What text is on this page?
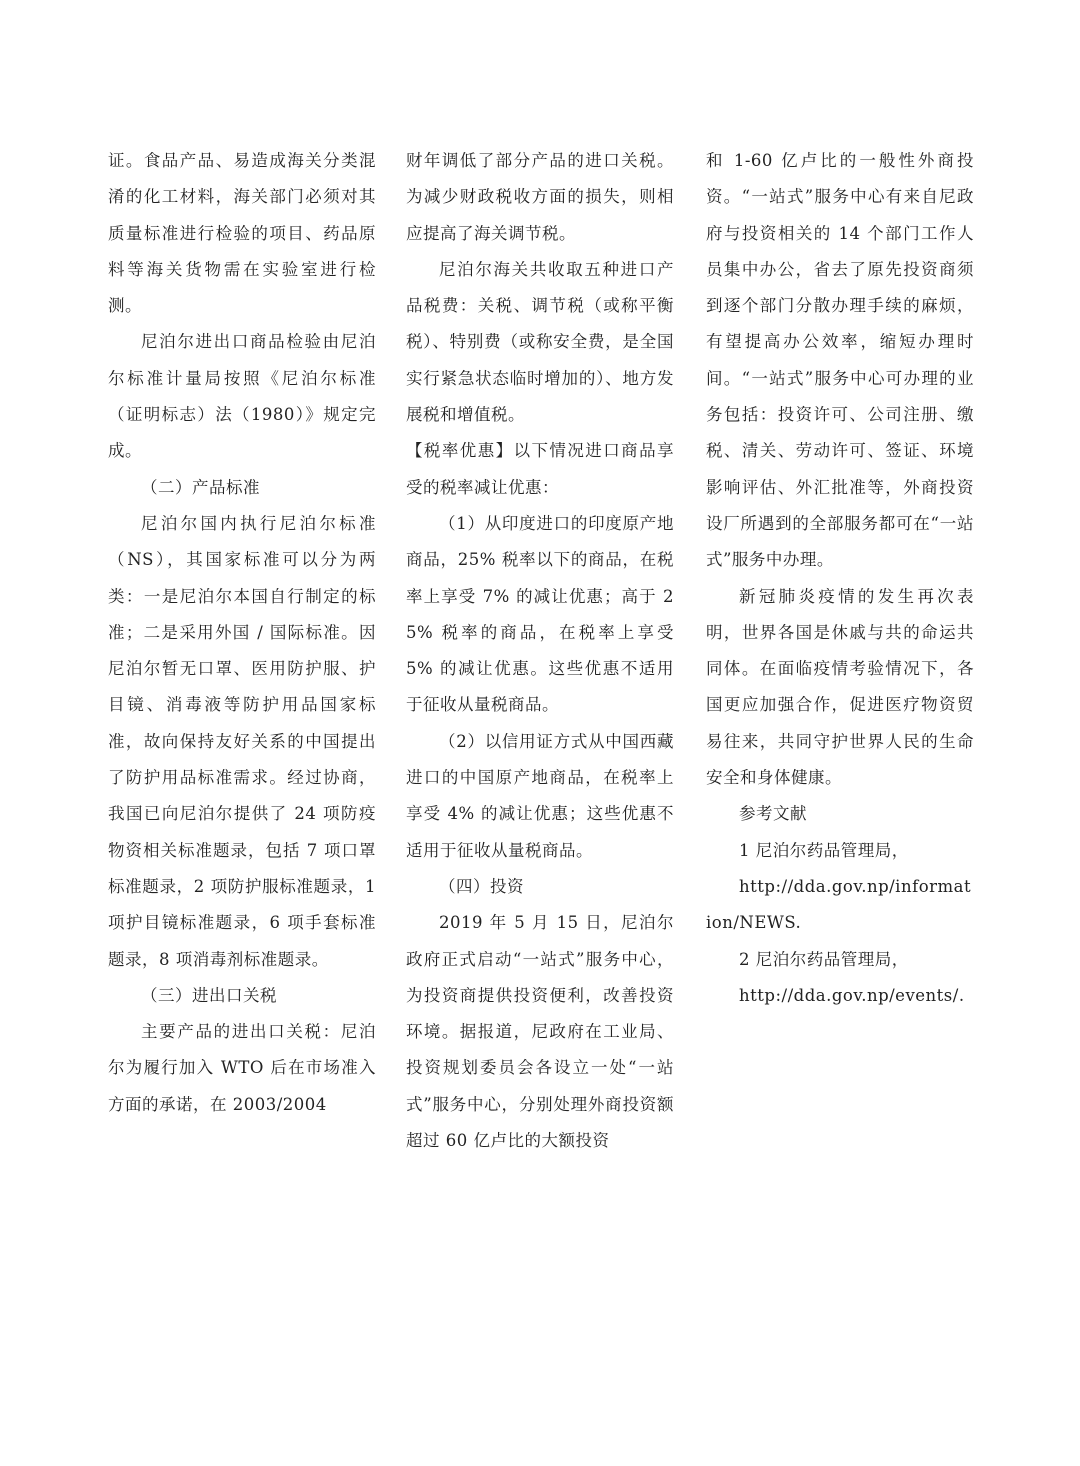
证。食品产品、易造成海关分类混淆的化工材料，海关部门必须对其质量标准进行检验的项目、药品原料等海关货物需在实验室进行检测。

尼泊尔进出口商品检验由尼泊尔标准计量局按照《尼泊尔标准（证明标志）法（1980）》规定完成。

（二）产品标准

尼泊尔国内执行尼泊尔标准（NS），其国家标准可以分为两类：一是尼泊尔本国自行制定的标准；二是采用外国 / 国际标准。因尼泊尔暂无口罩、医用防护服、护目镜、消毒液等防护用品国家标准，故向保持友好关系的中国提出了防护用品标准需求。经过协商，我国已向尼泊尔提供了 24 项防疫物资相关标准题录，包括 7 项口罩标准题录，2 项防护服标准题录，1 项护目镜标准题录，6 项手套标准题录，8 项消毒剂标准题录。

（三）进出口关税

主要产品的进出口关税：尼泊尔为履行加入 WTO 后在市场准入方面的承诺，在 2003/2004

财年调低了部分产品的进口关税。为减少财政税收方面的损失，则相应提高了海关调节税。

尼泊尔海关共收取五种进口产品税费：关税、调节税（或称平衡税）、特别费（或称安全费，是全国实行紧急状态临时增加的）、地方发展税和增值税。

【税率优惠】以下情况进口商品享受的税率减让优惠：

（1）从印度进口的印度原产地商品，25% 税率以下的商品，在税率上享受 7% 的减让优惠；高于 25% 税率的商品，在税率上享受 5% 的减让优惠。这些优惠不适用于征收从量税商品。

（2）以信用证方式从中国西藏进口的中国原产地商品，在税率上享受 4% 的减让优惠；这些优惠不适用于征收从量税商品。

（四）投资

2019 年 5 月 15 日，尼泊尔政府正式启动“一站式”服务中心，为投资商提供投资便利，改善投资环境。据报道，尼政府在工业局、投资规划委员会各设立一处“一站式”服务中心，分别处理外商投资额超过 60 亿卢比的大额投资

和 1-60 亿卢比的一般性外商投资。“一站式”服务中心有来自尼政府与投资相关的 14 个部门工作人员集中办公，省去了原先投资商须到逐个部门分散办理手续的麻烦，有望提高办公效率，缩短办理时间。“一站式”服务中心可办理的业务包括：投资许可、公司注册、缴税、清关、劳动许可、签证、环境影响评估、外汇批准等，外商投资设厂所遇到的全部服务都可在“一站式”服务中办理。

新冠肺炎疫情的发生再次表明，世界各国是休戚与共的命运共同体。在面临疫情考验情况下，各国更应加强合作，促进医疗物资贸易往来，共同守护世界人民的生命安全和身体健康。

参考文献

1 尼泊尔药品管理局，

http://dda.gov.np/information/NEWS.

2 尼泊尔药品管理局，

http://dda.gov.np/events/.
